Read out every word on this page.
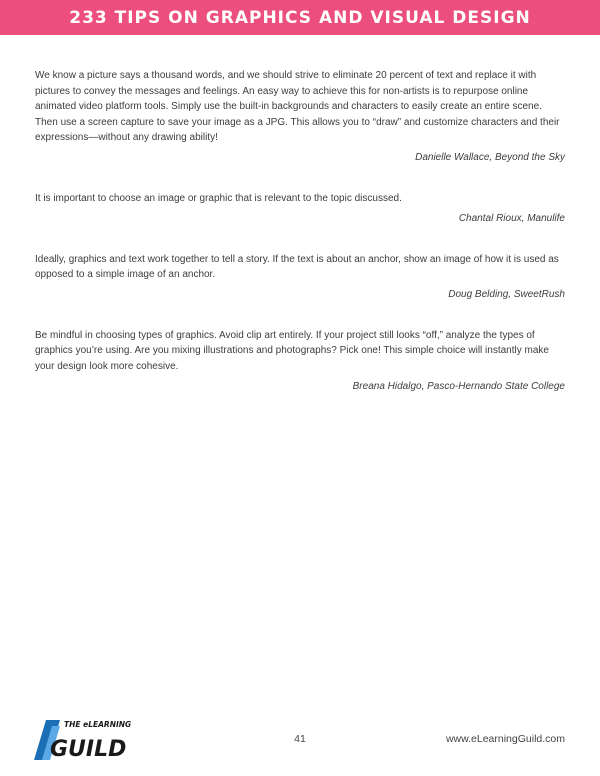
233 TIPS ON GRAPHICS AND VISUAL DESIGN

We know a picture says a thousand words, and we should strive to eliminate 20 percent of text and replace it with pictures to convey the messages and feelings. An easy way to achieve this for non-artists is to repurpose online animated video platform tools. Simply use the built-in backgrounds and characters to easily create an entire scene. Then use a screen capture to save your image as a JPG. This allows you to “draw” and customize characters and their expressions—without any drawing ability!

Danielle Wallace, Beyond the Sky

It is important to choose an image or graphic that is relevant to the topic discussed.

Chantal Rioux, Manulife

Ideally, graphics and text work together to tell a story. If the text is about an anchor, show an image of how it is used as opposed to a simple image of an anchor.

Doug Belding, SweetRush

Be mindful in choosing types of graphics. Avoid clip art entirely. If your project still looks “off,” analyze the types of graphics you’re using. Are you mixing illustrations and photographs? Pick one! This simple choice will instantly make your design look more cohesive.

Breana Hidalgo, Pasco-Hernando State College

THE eLEARNING
GUILD	41	www.eLearningGuild.com
